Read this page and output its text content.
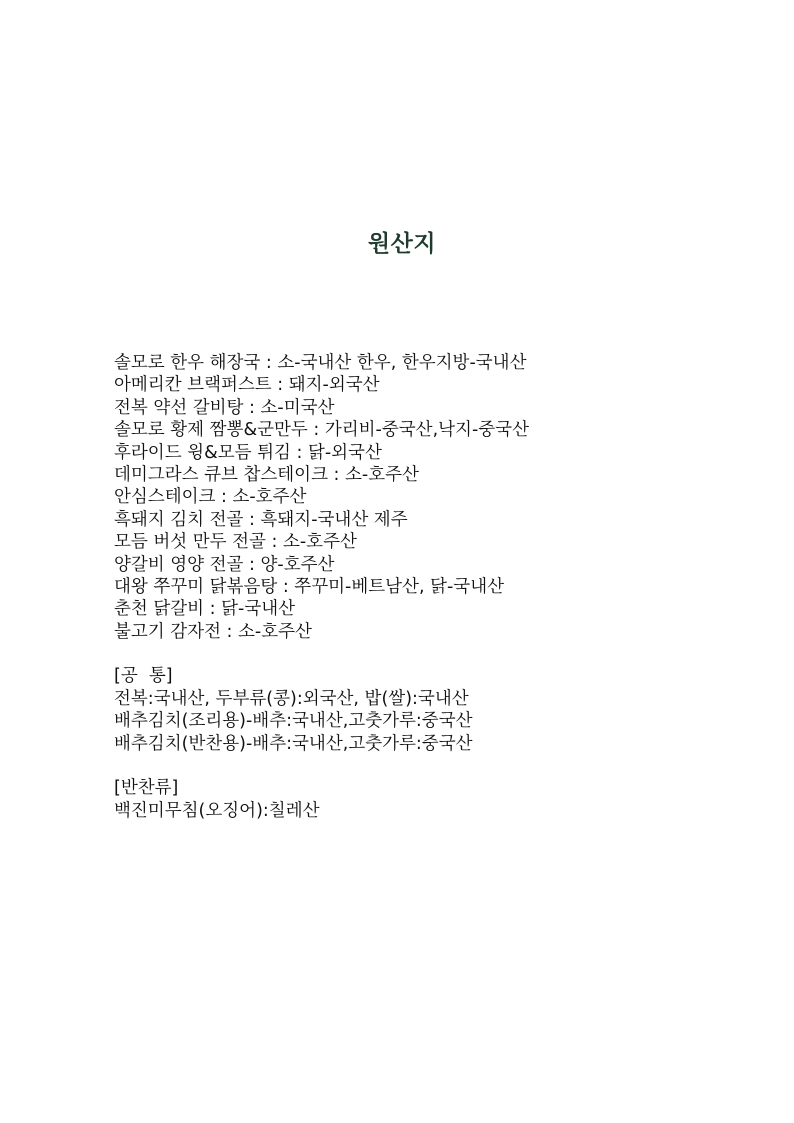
원산지
솔모로 한우 해장국 : 소-국내산 한우, 한우지방-국내산
아메리칸 브랙퍼스트 : 돼지-외국산
전복 약선 갈비탕 : 소-미국산
솔모로 황제 짬뽕&군만두 : 가리비-중국산,낙지-중국산
후라이드 윙&모듬 튀김 : 닭-외국산
데미그라스 큐브 찹스테이크 : 소-호주산
안심스테이크 : 소-호주산
흑돼지 김치 전골 : 흑돼지-국내산 제주
모듬 버섯 만두 전골 : 소-호주산
양갈비 영양 전골 : 양-호주산
대왕 쭈꾸미 닭볶음탕 : 쭈꾸미-베트남산, 닭-국내산
춘천 닭갈비 : 닭-국내산
불고기 감자전 : 소-호주산
[공  통]
전복:국내산, 두부류(콩):외국산, 밥(쌀):국내산
배추김치(조리용)-배추:국내산,고춧가루:중국산
배추김치(반찬용)-배추:국내산,고춧가루:중국산
[반찬류]
백진미무침(오징어):칠레산
